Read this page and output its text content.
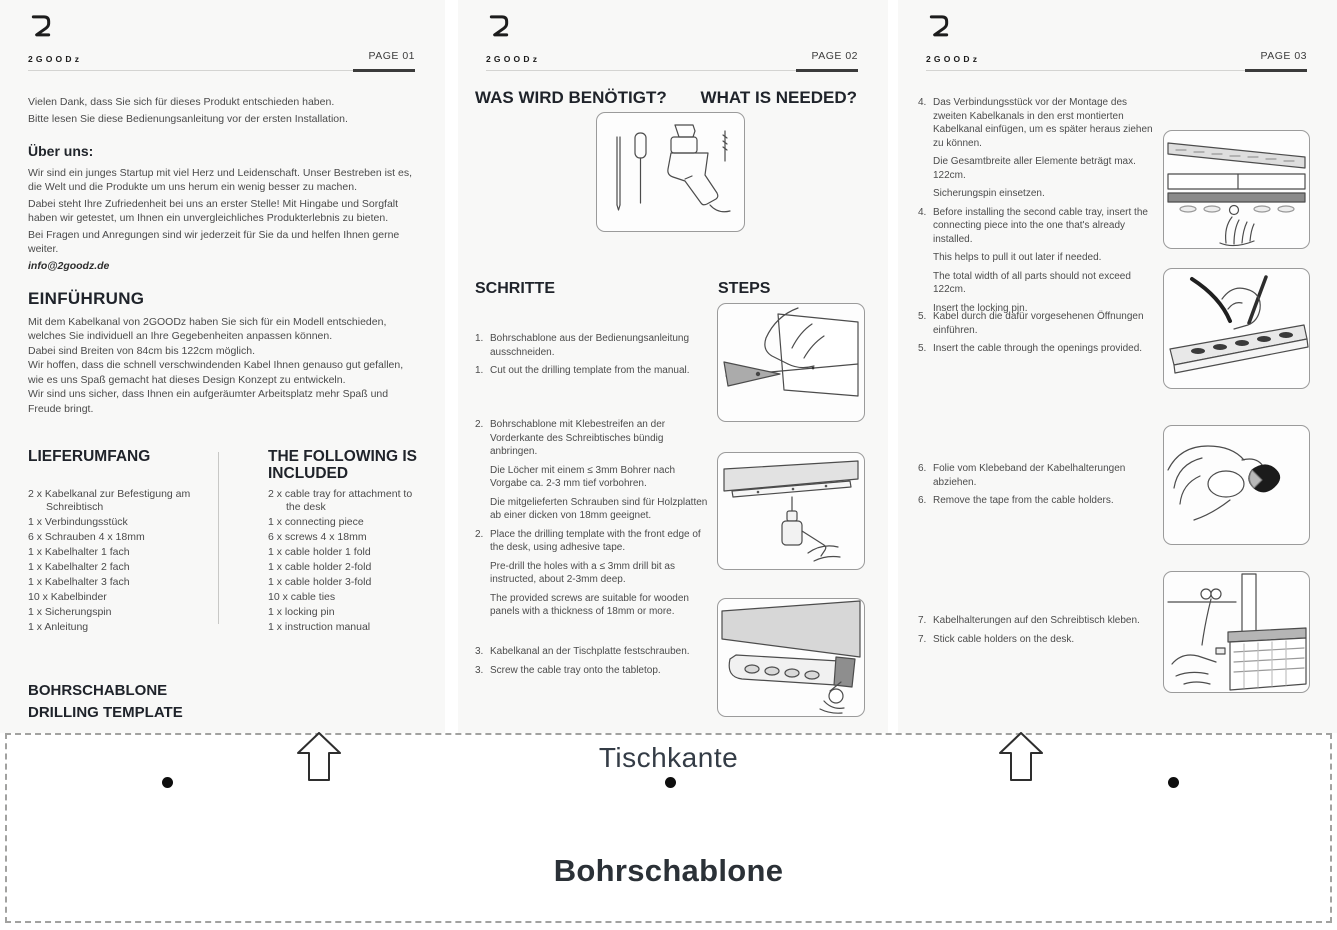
2GOODz	PAGE 01

Vielen Dank, dass Sie sich für dieses Produkt entschieden haben.

Bitte lesen Sie diese Bedienungsanleitung vor der ersten Installation.

Über uns:

Wir sind ein junges Startup mit viel Herz und Leidenschaft. Unser Bestreben ist es, die Welt und die Produkte um uns herum ein wenig besser zu machen.

Dabei steht Ihre Zufriedenheit bei uns an erster Stelle! Mit Hingabe und Sorgfalt haben wir getestet, um Ihnen ein unvergleichliches Produkterlebnis zu bieten.

Bei Fragen und Anregungen sind wir jederzeit für Sie da und helfen Ihnen gerne weiter.

info@2goodz.de

EINFÜHRUNG

Mit dem Kabelkanal von 2GOODz haben Sie sich für ein Modell entschieden, welches Sie individuell an Ihre Gegebenheiten anpassen können.

Dabei sind Breiten von 84cm bis 122cm möglich.

Wir hoffen, dass die schnell verschwindenden Kabel Ihnen genauso gut gefallen, wie es uns Spaß gemacht hat dieses Design Konzept zu entwickeln.

Wir sind uns sicher, dass Ihnen ein aufgeräumter Arbeitsplatz mehr Spaß und Freude bringt.

LIEFERUMFANG
2 x Kabelkanal zur Befestigung am Schreibtisch
1 x Verbindungsstück
6 x Schrauben 4 x 18mm
1 x Kabelhalter 1 fach
1 x Kabelhalter 2 fach
1 x Kabelhalter 3 fach
10 x Kabelbinder
1 x Sicherungspin
1 x Anleitung
THE FOLLOWING IS INCLUDED
2 x cable tray for attachment to the desk
1 x connecting piece
6 x screws 4 x 18mm
1 x cable holder 1 fold
1 x cable holder 2-fold
1 x cable holder 3-fold
10 x cable ties
1 x locking pin
1 x instruction manual
BOHRSCHABLONE
DRILLING TEMPLATE
2GOODz	PAGE 02
WAS WIRD BENÖTIGT? WHAT IS NEEDED?
SCHRITTE	STEPS
1. Bohrschablone aus der Bedienungsanleitung ausschneiden.
1. Cut out the drilling template from the manual.
2. Bohrschablone mit Klebestreifen an der Vorderkante des Schreibtisches bündig anbringen.
Die Löcher mit einem ≤ 3mm Bohrer nach Vorgabe ca. 2-3 mm tief vorbohren.
Die mitgelieferten Schrauben sind für Holzplatten ab einer dicken von 18mm geeignet.
2. Place the drilling template with the front edge of the desk, using adhesive tape.
Pre-drill the holes with a ≤ 3mm drill bit as instructed, about 2-3mm deep.
The provided screws are suitable for wooden panels with a thickness of 18mm or more.
3. Kabelkanal an der Tischplatte festschrauben.
3. Screw the cable tray onto the tabletop.
2GOODz	PAGE 03
4. Das Verbindungsstück vor der Montage des zweiten Kabelkanals in den erst montierten Kabelkanal einfügen, um es später heraus ziehen zu können.
Die Gesamtbreite aller Elemente beträgt max. 122cm.
Sicherungspin einsetzen.
4. Before installing the second cable tray, insert the connecting piece into the one that's already installed.
This helps to pull it out later if needed.
The total width of all parts should not exceed 122cm.
Insert the locking pin.
5. Kabel durch die dafür vorgesehenen Öffnungen einführen.
5. Insert the cable through the openings provided.
6. Folie vom Klebeband der Kabelhalterungen abziehen.
6. Remove the tape from the cable holders.
7. Kabelhalterungen auf den Schreibtisch kleben.
7. Stick cable holders on the desk.
Tischkante
Bohrschablone
